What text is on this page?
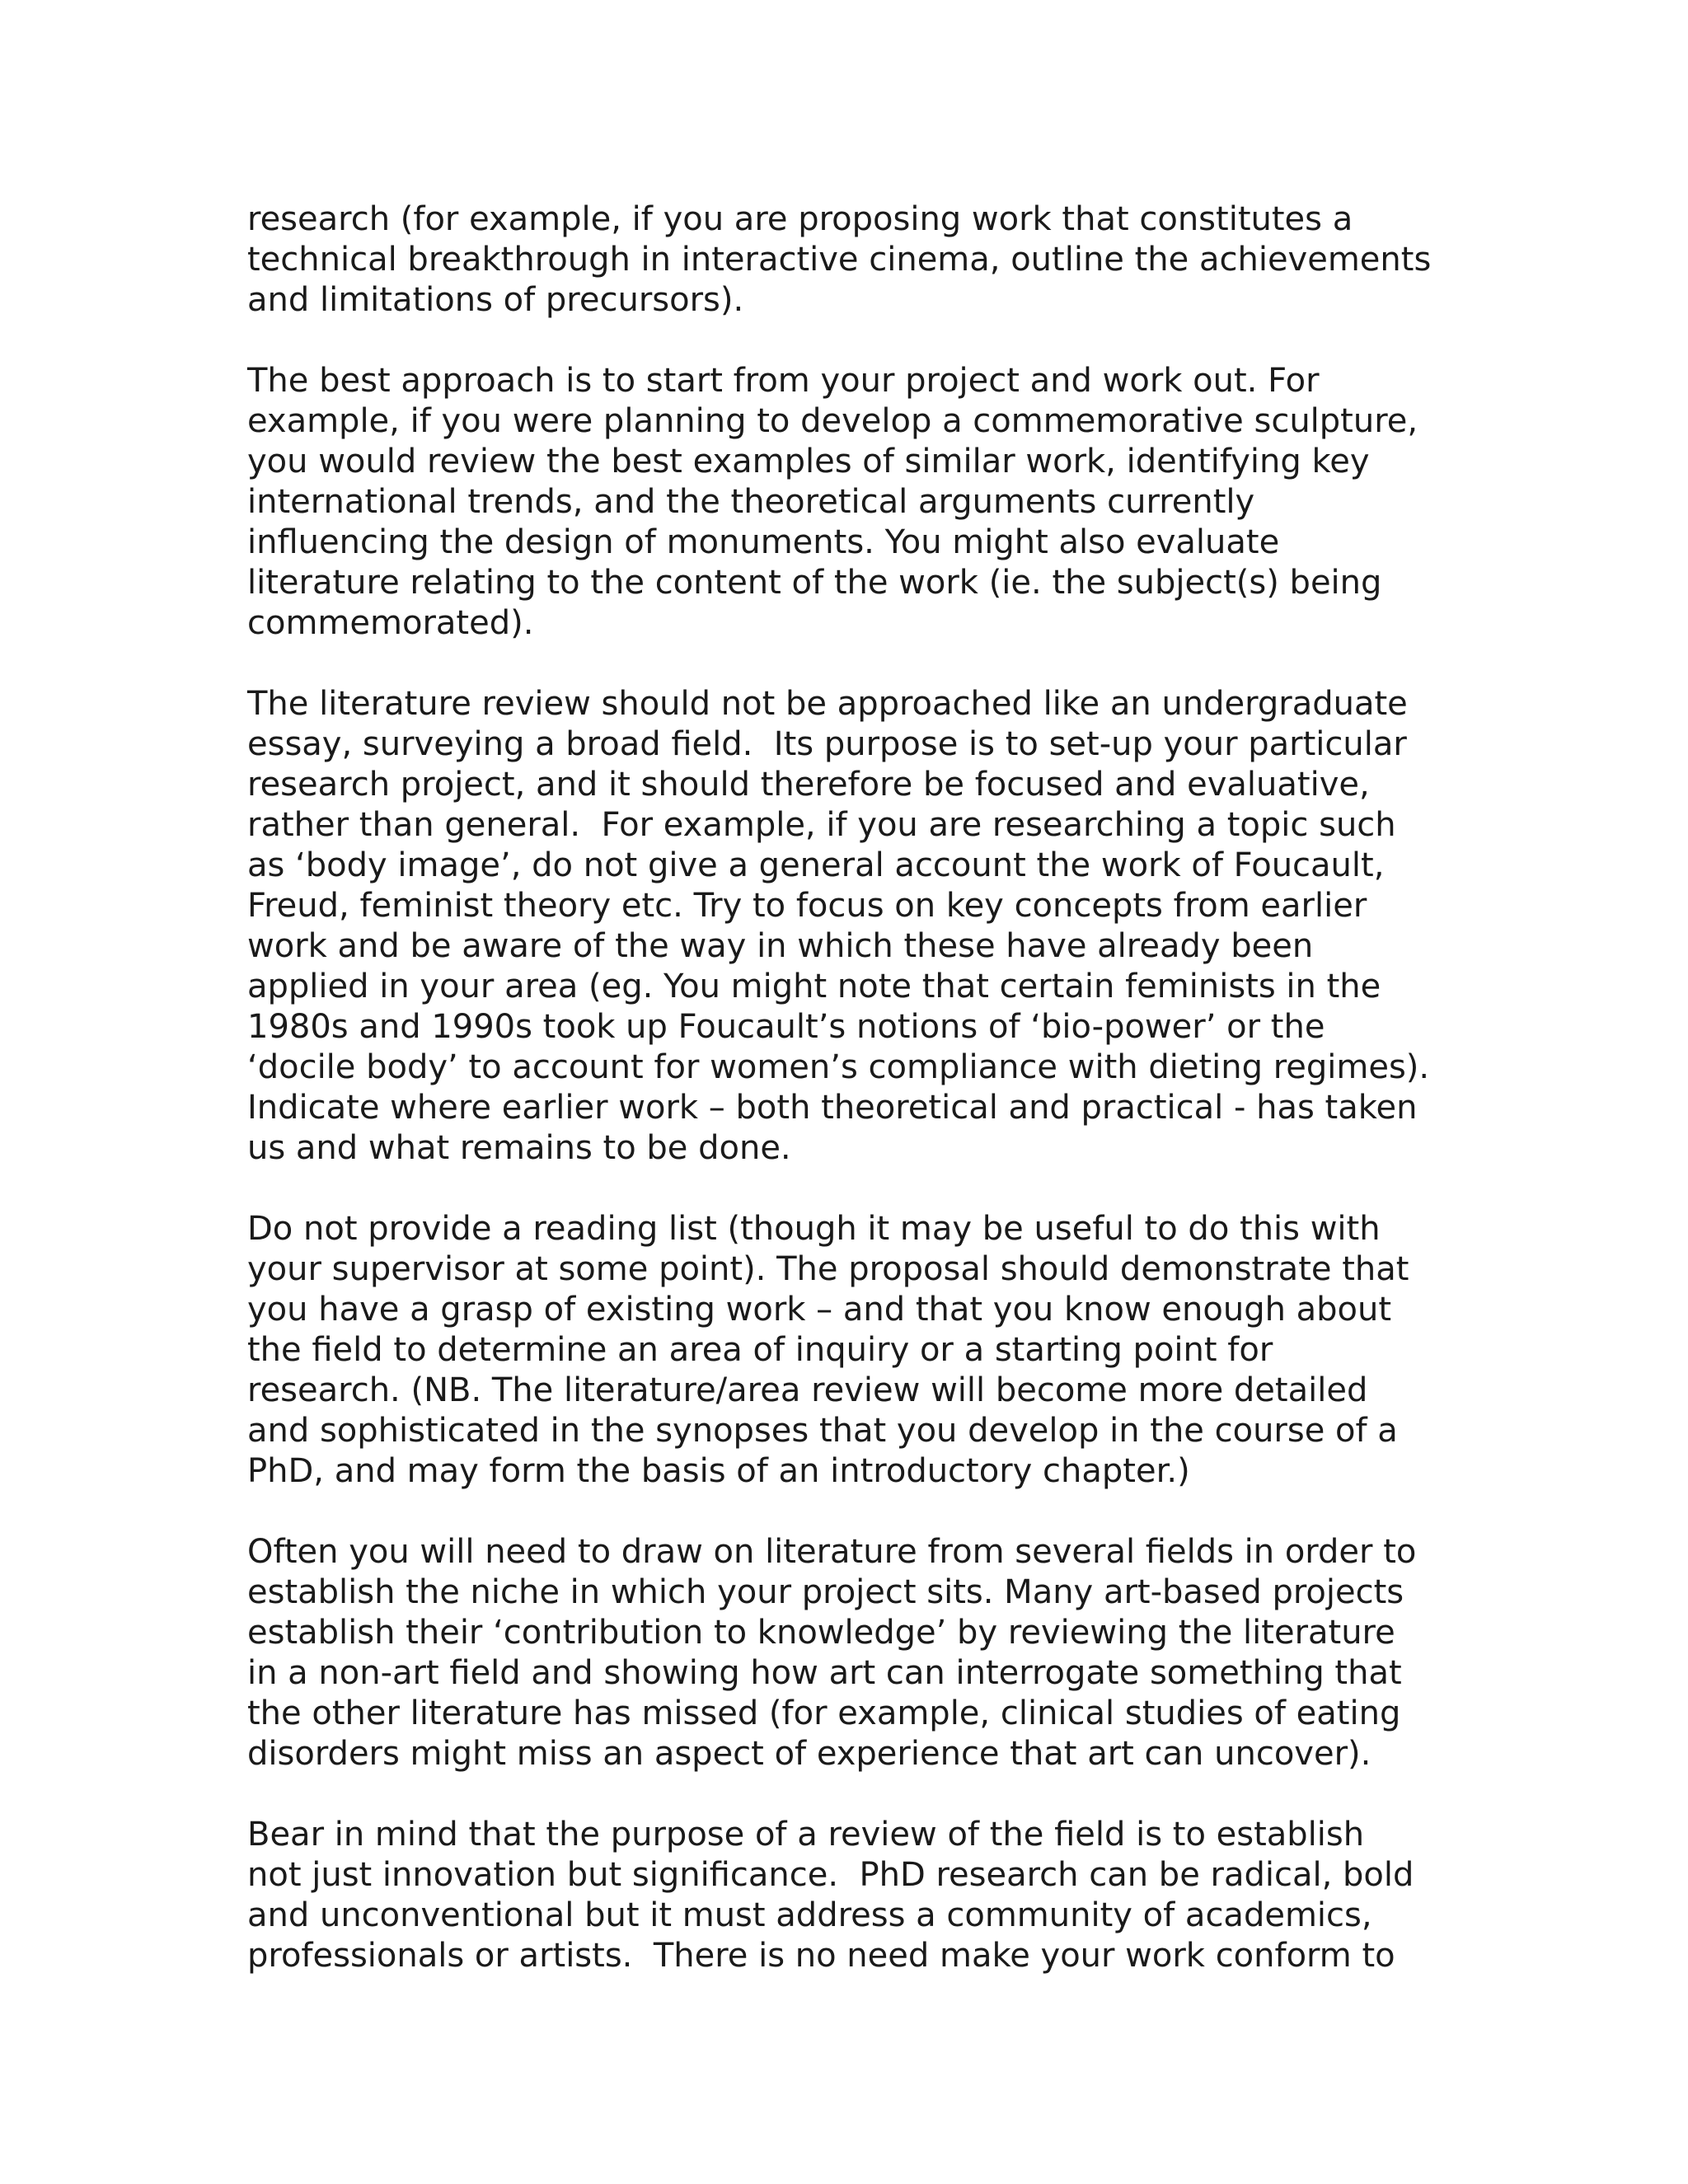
research (for example, if you are proposing work that constitutes a
technical breakthrough in interactive cinema, outline the achievements
and limitations of precursors).

The best approach is to start from your project and work out. For
example, if you were planning to develop a commemorative sculpture,
you would review the best examples of similar work, identifying key
international trends, and the theoretical arguments currently
influencing the design of monuments. You might also evaluate
literature relating to the content of the work (ie. the subject(s) being
commemorated).

The literature review should not be approached like an undergraduate
essay, surveying a broad field.  Its purpose is to set-up your particular
research project, and it should therefore be focused and evaluative,
rather than general.  For example, if you are researching a topic such
as ‘body image’, do not give a general account the work of Foucault,
Freud, feminist theory etc. Try to focus on key concepts from earlier
work and be aware of the way in which these have already been
applied in your area (eg. You might note that certain feminists in the
1980s and 1990s took up Foucault’s notions of ‘bio-power’ or the
‘docile body’ to account for women’s compliance with dieting regimes).
Indicate where earlier work – both theoretical and practical - has taken
us and what remains to be done.

Do not provide a reading list (though it may be useful to do this with
your supervisor at some point). The proposal should demonstrate that
you have a grasp of existing work – and that you know enough about
the field to determine an area of inquiry or a starting point for
research. (NB. The literature/area review will become more detailed
and sophisticated in the synopses that you develop in the course of a
PhD, and may form the basis of an introductory chapter.)

Often you will need to draw on literature from several fields in order to
establish the niche in which your project sits. Many art-based projects
establish their ‘contribution to knowledge’ by reviewing the literature
in a non-art field and showing how art can interrogate something that
the other literature has missed (for example, clinical studies of eating
disorders might miss an aspect of experience that art can uncover).

Bear in mind that the purpose of a review of the field is to establish
not just innovation but significance.  PhD research can be radical, bold
and unconventional but it must address a community of academics,
professionals or artists.  There is no need make your work conform to
